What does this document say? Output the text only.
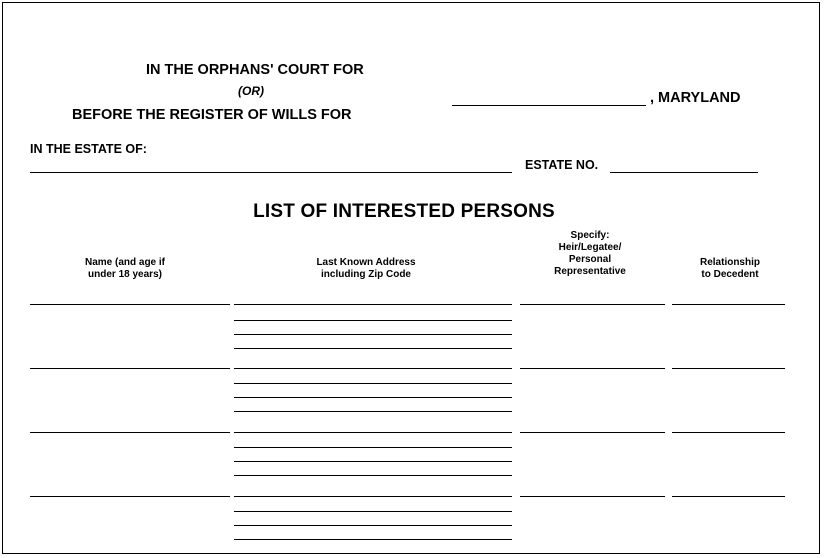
IN THE ORPHANS' COURT FOR
(OR)
BEFORE THE REGISTER OF WILLS FOR
, MARYLAND
IN THE ESTATE OF:
ESTATE NO.
LIST OF INTERESTED PERSONS
Name (and age if
under 18 years)
Last Known Address
including Zip Code
Specify:
Heir/Legatee/
Personal
Representative
Relationship
to Decedent
